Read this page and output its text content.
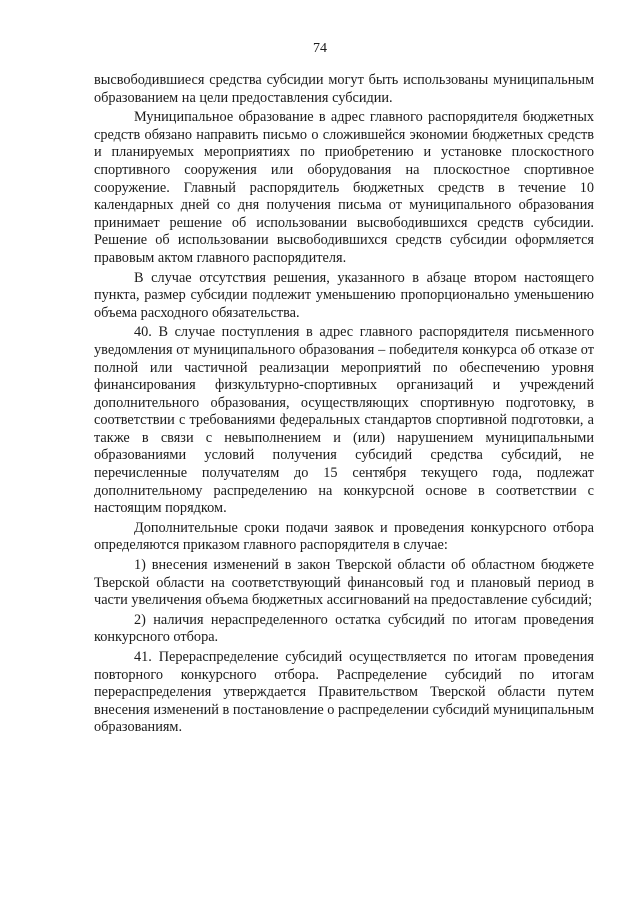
74

высвободившиеся средства субсидии могут быть использованы муниципальным образованием на цели предоставления субсидии.

Муниципальное образование в адрес главного распорядителя бюджетных средств обязано направить письмо о сложившейся экономии бюджетных средств и планируемых мероприятиях по приобретению и установке плоскостного спортивного сооружения или оборудования на плоскостное спортивное сооружение. Главный распорядитель бюджетных средств в течение 10 календарных дней со дня получения письма от муниципального образования принимает решение об использовании высвободившихся средств субсидии. Решение об использовании высвободившихся средств субсидии оформляется правовым актом главного распорядителя.

В случае отсутствия решения, указанного в абзаце втором настоящего пункта, размер субсидии подлежит уменьшению пропорционально уменьшению объема расходного обязательства.

40. В случае поступления в адрес главного распорядителя письменного уведомления от муниципального образования – победителя конкурса об отказе от полной или частичной реализации мероприятий по обеспечению уровня финансирования физкультурно-спортивных организаций и учреждений дополнительного образования, осуществляющих спортивную подготовку, в соответствии с требованиями федеральных стандартов спортивной подготовки, а также в связи с невыполнением и (или) нарушением муниципальными образованиями условий получения субсидий средства субсидий, не перечисленные получателям до 15 сентября текущего года, подлежат дополнительному распределению на конкурсной основе в соответствии с настоящим порядком.

Дополнительные сроки подачи заявок и проведения конкурсного отбора определяются приказом главного распорядителя в случае:

1) внесения изменений в закон Тверской области об областном бюджете Тверской области на соответствующий финансовый год и плановый период в части увеличения объема бюджетных ассигнований на предоставление субсидий;

2) наличия нераспределенного остатка субсидий по итогам проведения конкурсного отбора.

41. Перераспределение субсидий осуществляется по итогам проведения повторного конкурсного отбора. Распределение субсидий по итогам перераспределения утверждается Правительством Тверской области путем внесения изменений в постановление о распределении субсидий муниципальным образованиям.
